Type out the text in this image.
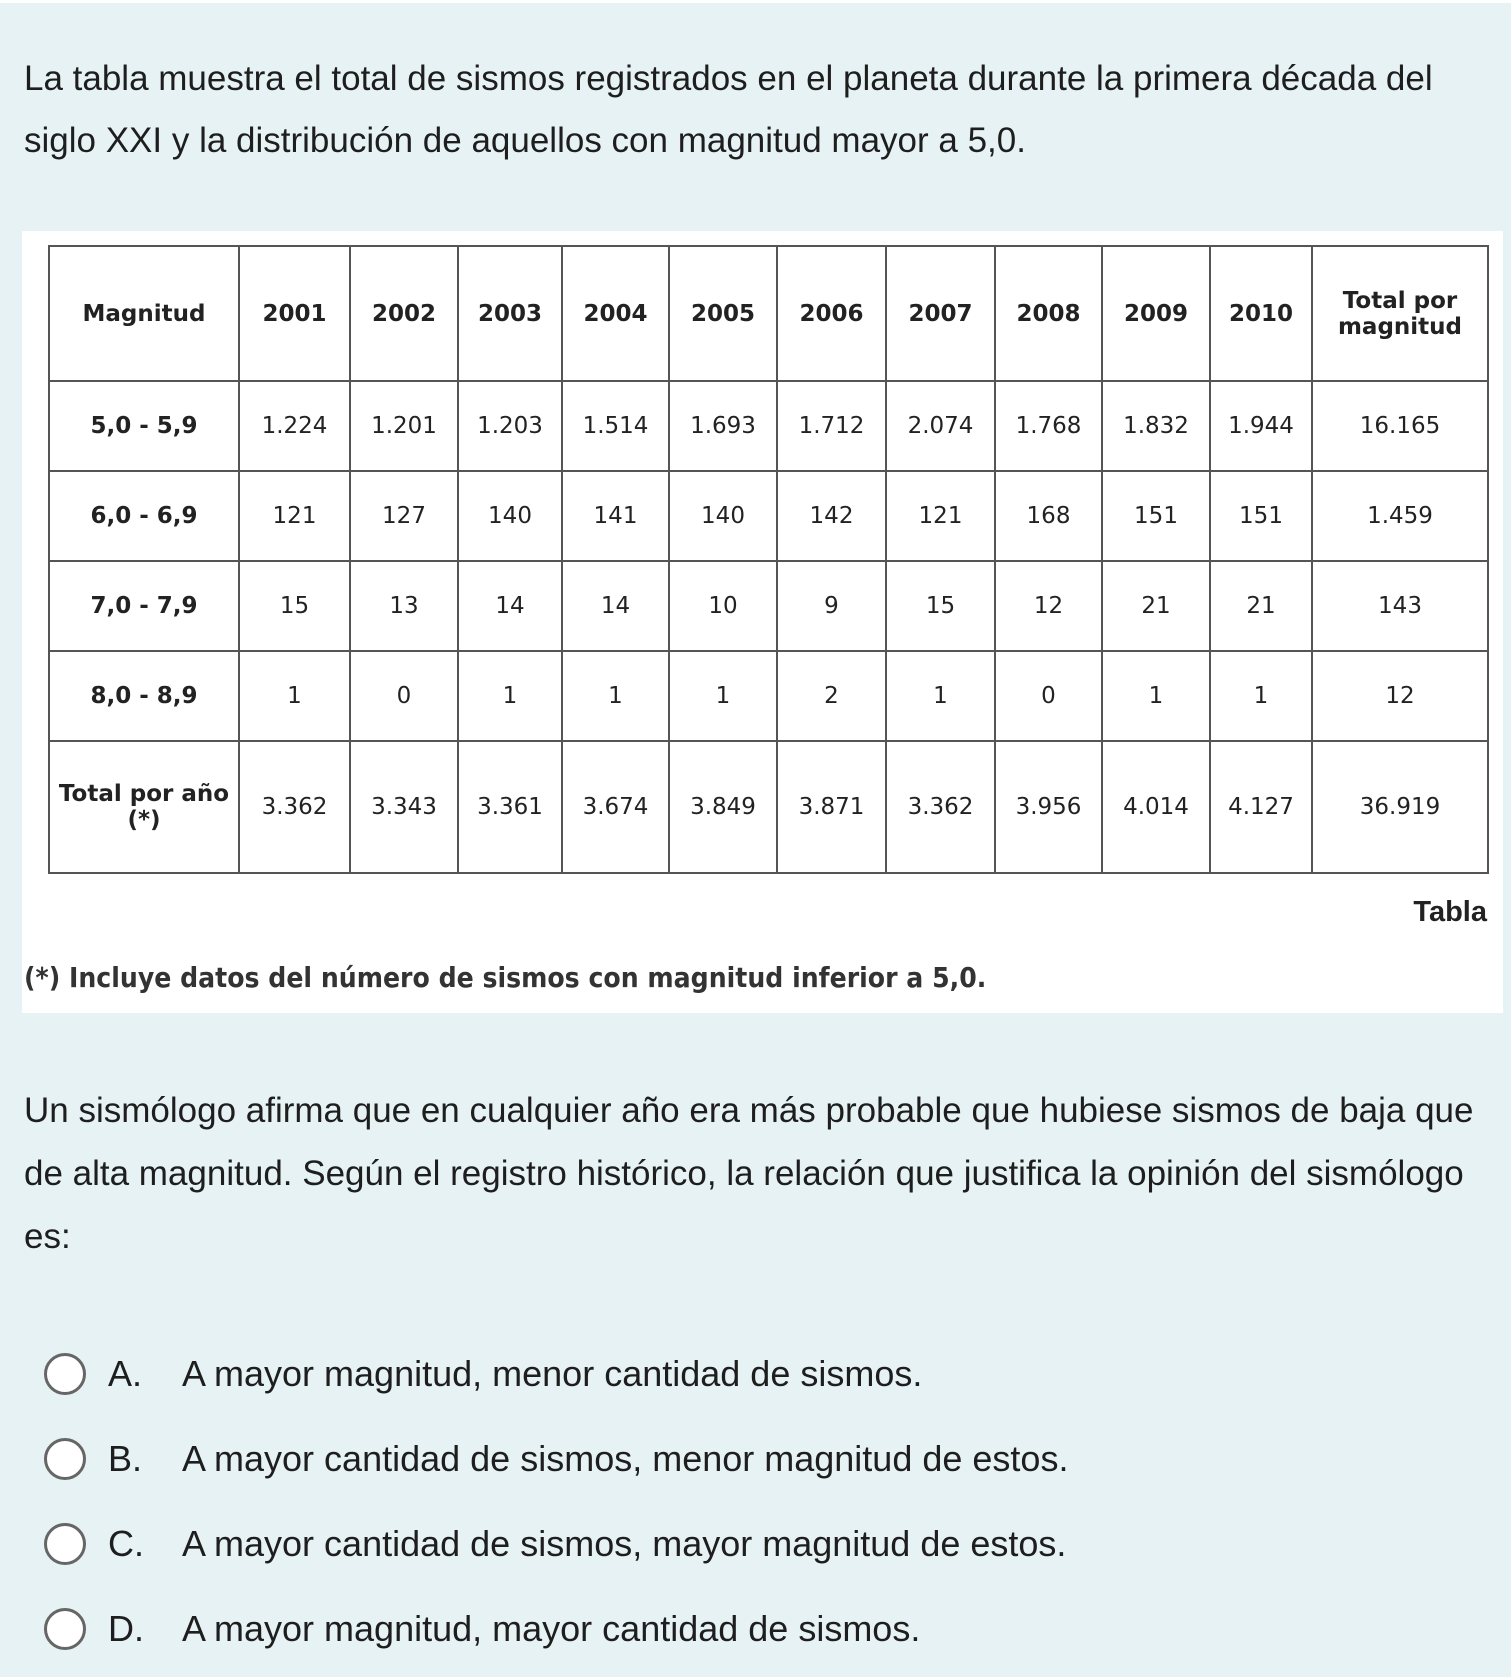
La tabla muestra el total de sismos registrados en el planeta durante la primera década del siglo XXI y la distribución de aquellos con magnitud mayor a 5,0.
Magnitud	2001	2002	2003	2004	2005	2006	2007	2008	2009	2010	Total por magnitud
5,0 - 5,9	1.224	1.201	1.203	1.514	1.693	1.712	2.074	1.768	1.832	1.944	16.165
6,0 - 6,9	121	127	140	141	140	142	121	168	151	151	1.459
7,0 - 7,9	15	13	14	14	10	9	15	12	21	21	143
8,0 - 8,9	1	0	1	1	1	2	1	0	1	1	12
Total por año (*)	3.362	3.343	3.361	3.674	3.849	3.871	3.362	3.956	4.014	4.127	36.919
Tabla
(*) Incluye datos del número de sismos con magnitud inferior a 5,0.
Un sismólogo afirma que en cualquier año era más probable que hubiese sismos de baja que de alta magnitud. Según el registro histórico, la relación que justifica la opinión del sismólogo es:
A.	A mayor magnitud, menor cantidad de sismos.
B.	A mayor cantidad de sismos, menor magnitud de estos.
C.	A mayor cantidad de sismos, mayor magnitud de estos.
D.	A mayor magnitud, mayor cantidad de sismos.
